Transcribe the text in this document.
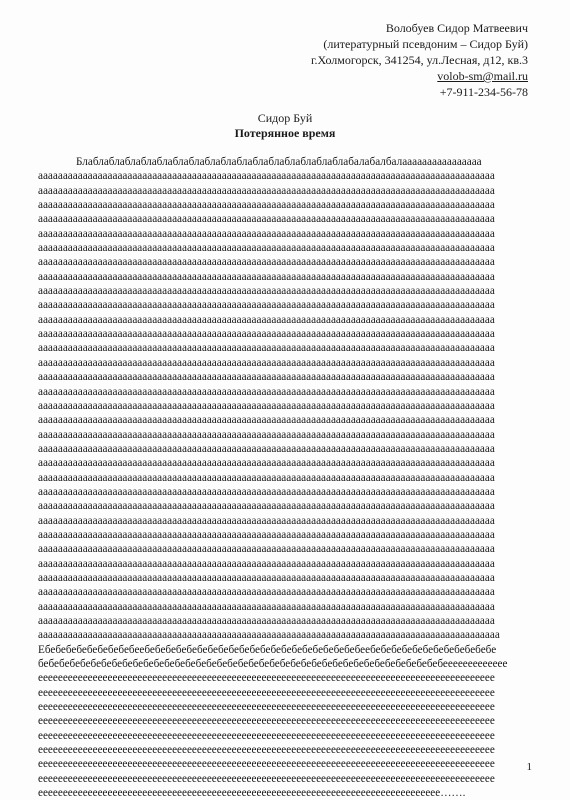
Волобуев Сидор Матвеевич
(литературный псевдоним – Сидор Буй)
г.Холмогорск, 341254, ул.Лесная, д12, кв.3
volob-sm@mail.ru
+7-911-234-56-78
Сидор Буй
Потерянное время
Блаблаблаблаблаблаблаблаблаблаблаблаблаблаблаблаблабалабалбалаааааааааааааааа
аааааааааааааааааааааааааааааааааааааааааааааааааааааааааааааааааааааааааааааааааааааааааааа
аааааааааааааааааааааааааааааааааааааааааааааааааааааааааааааааааааааааааааааааааааааааааааа
аааааааааааааааааааааааааааааааааааааааааааааааааааааааааааааааааааааааааааааааааааааааааааа
аааааааааааааааааааааааааааааааааааааааааааааааааааааааааааааааааааааааааааааааааааааааааааа
аааааааааааааааааааааааааааааааааааааааааааааааааааааааааааааааааааааааааааааааааааааааааааа
аааааааааааааааааааааааааааааааааааааааааааааааааааааааааааааааааааааааааааааааааааааааааааа
аааааааааааааааааааааааааааааааааааааааааааааааааааааааааааааааааааааааааааааааааааааааааааа
аааааааааааааааааааааааааааааааааааааааааааааааааааааааааааааааааааааааааааааааааааааааааааа
аааааааааааааааааааааааааааааааааааааааааааааааааааааааааааааааааааааааааааааааааааааааааааа
аааааааааааааааааааааааааааааааааааааааааааааааааааааааааааааааааааааааааааааааааааааааааааа
аааааааааааааааааааааааааааааааааааааааааааааааааааааааааааааааааааааааааааааааааааааааааааа
аааааааааааааааааааааааааааааааааааааааааааааааааааааааааааааааааааааааааааааааааааааааааааа
аааааааааааааааааааааааааааааааааааааааааааааааааааааааааааааааааааааааааааааааааааааааааааа
аааааааааааааааааааааааааааааааааааааааааааааааааааааааааааааааааааааааааааааааааааааааааааа
аааааааааааааааааааааааааааааааааааааааааааааааааааааааааааааааааааааааааааааааааааааааааааа
аааааааааааааааааааааааааааааааааааааааааааааааааааааааааааааааааааааааааааааааааааааааааааа
аааааааааааааааааааааааааааааааааааааааааааааааааааааааааааааааааааааааааааааааааааааааааааа
аааааааааааааааааааааааааааааааааааааааааааааааааааааааааааааааааааааааааааааааааааааааааааа
аааааааааааааааааааааааааааааааааааааааааааааааааааааааааааааааааааааааааааааааааааааааааааа
аааааааааааааааааааааааааааааааааааааааааааааааааааааааааааааааааааааааааааааааааааааааааааа
аааааааааааааааааааааааааааааааааааааааааааааааааааааааааааааааааааааааааааааааааааааааааааа
аааааааааааааааааааааааааааааааааааааааааааааааааааааааааааааааааааааааааааааааааааааааааааа
аааааааааааааааааааааааааааааааааааааааааааааааааааааааааааааааааааааааааааааааааааааааааааа
аааааааааааааааааааааааааааааааааааааааааааааааааааааааааааааааааааааааааааааааааааааааааааа
аааааааааааааааааааааааааааааааааааааааааааааааааааааааааааааааааааааааааааааааааааааааааааа
аааааааааааааааааааааааааааааааааааааааааааааааааааааааааааааааааааааааааааааааааааааааааааа
аааааааааааааааааааааааааааааааааааааааааааааааааааааааааааааааааааааааааааааааааааааааааааа
аааааааааааааааааааааааааааааааааааааааааааааааааааааааааааааааааааааааааааааааааааааааааааа
аааааааааааааааааааааааааааааааааааааааааааааааааааааааааааааааааааааааааааааааааааааааааааа
аааааааааааааааааааааааааааааааааааааааааааааааааааааааааааааааааааааааааааааааааааааааааааа
аааааааааааааааааааааааааааааааааааааааааааааааааааааааааааааааааааааааааааааааааааааааааааа
аааааааааааааааааааааааааааааааааааааааааааааааааааааааааааааааааааааааааааааааааааааааааааа
ааааааааааааааааааааааааааааааааааааааааааааааааааааааааааааааааааааааааааааааааааааааааааааа
Ебебебебебебебебебеебебебебебебебебебебебебебебебебебебебебебеебебебебебебебебебебебебе
бебебебебебебебебебебебебебебебебебебебебебебебебебебебебебебебебебебебебебебеееееееееееее
ееееееееееееееееееееееееееееееееееееееееееееееееееееееееееееееееееееееееееееееееееееееееееее
ееееееееееееееееееееееееееееееееееееееееееееееееееееееееееееееееееееееееееееееееееееееееееее
ееееееееееееееееееееееееееееееееееееееееееееееееееееееееееееееееееееееееееееееееееееееееееее
ееееееееееееееееееееееееееееееееееееееееееееееееееееееееееееееееееееееееееееееееееееееееееее
ееееееееееееееееееееееееееееееееееееееееееееееееееееееееееееееееееееееееееееееееееееееееееее
ееееееееееееееееееееееееееееееееееееееееееееееееееееееееееееееееееееееееееееееееееееееееееее
ееееееееееееееееееееееееееееееееееееееееееееееееееееееееееееееееееееееееееееееееееееееееееее
ееееееееееееееееееееееееееееееееееееееееееееееееееееееееееееееееееееееееееееееееееееееееееее
еееееееееееееееееееееееееееееееееееееееееееееееееееееееееееееееееееееееееееееееее…….
1
